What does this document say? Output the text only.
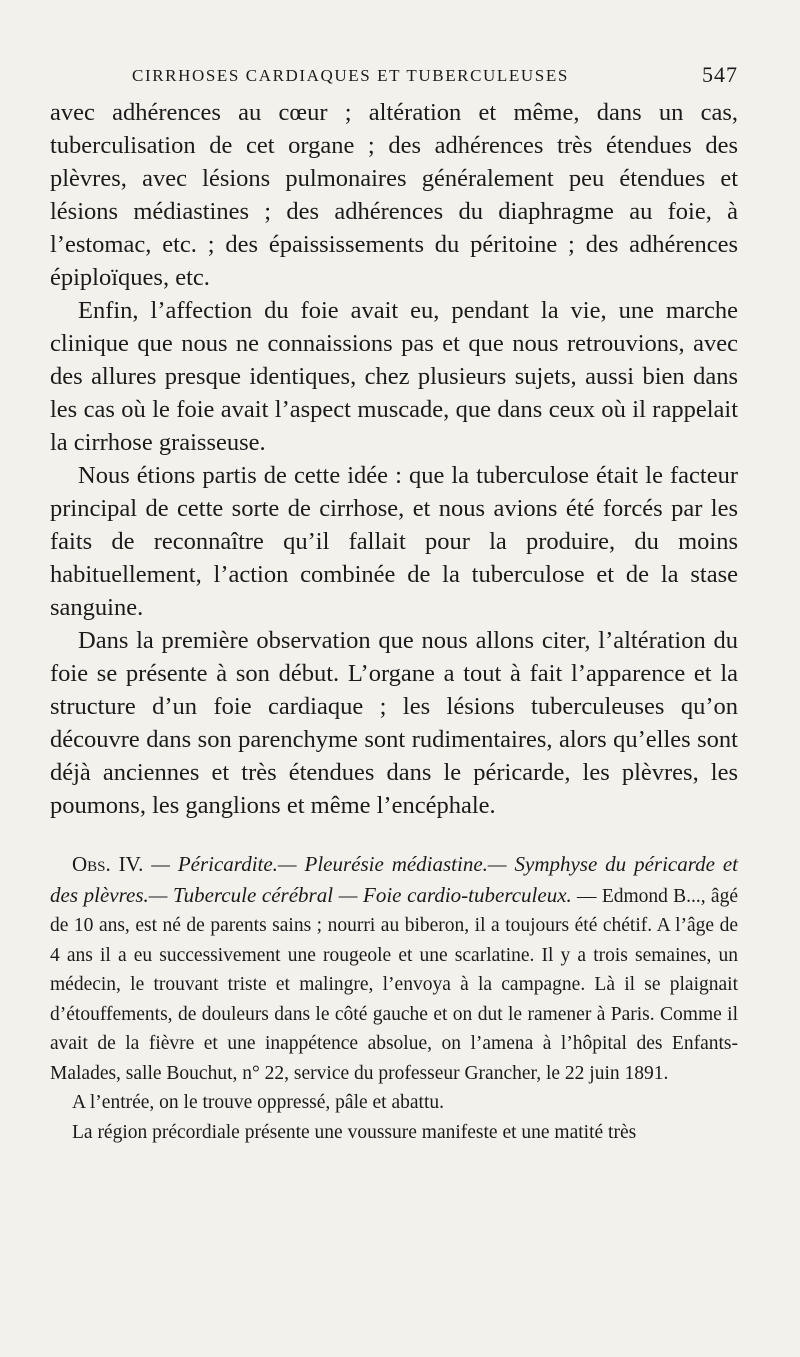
CIRRHOSES CARDIAQUES ET TUBERCULEUSES	547

avec adhérences au cœur ; altération et même, dans un cas, tuberculisation de cet organe ; des adhérences très étendues des plèvres, avec lésions pulmonaires généralement peu étendues et lésions médiastines ; des adhérences du diaphragme au foie, à l’estomac, etc. ; des épaississements du péritoine ; des adhérences épiploïques, etc.

Enfin, l’affection du foie avait eu, pendant la vie, une marche clinique que nous ne connaissions pas et que nous retrouvions, avec des allures presque identiques, chez plusieurs sujets, aussi bien dans les cas où le foie avait l’aspect muscade, que dans ceux où il rappelait la cirrhose graisseuse.

Nous étions partis de cette idée : que la tuberculose était le facteur principal de cette sorte de cirrhose, et nous avions été forcés par les faits de reconnaître qu’il fallait pour la produire, du moins habituellement, l’action combinée de la tuberculose et de la stase sanguine.

Dans la première observation que nous allons citer, l’altération du foie se présente à son début. L’organe a tout à fait l’apparence et la structure d’un foie cardiaque ; les lésions tuberculeuses qu’on découvre dans son parenchyme sont rudimentaires, alors qu’elles sont déjà anciennes et très étendues dans le péricarde, les plèvres, les poumons, les ganglions et même l’encéphale.

Obs. IV. — Péricardite.— Pleurésie médiastine.— Symphyse du péricarde et des plèvres.— Tubercule cérébral — Foie cardio-tuberculeux. — Edmond B..., âgé de 10 ans, est né de parents sains ; nourri au biberon, il a toujours été chétif. A l’âge de 4 ans il a eu successivement une rougeole et une scarlatine. Il y a trois semaines, un médecin, le trouvant triste et malingre, l’envoya à la campagne. Là il se plaignait d’étouffements, de douleurs dans le côté gauche et on dut le ramener à Paris. Comme il avait de la fièvre et une inappétence absolue, on l’amena à l’hôpital des Enfants-Malades, salle Bouchut, n° 22, service du professeur Grancher, le 22 juin 1891.

A l’entrée, on le trouve oppressé, pâle et abattu.

La région précordiale présente une voussure manifeste et une matité très
